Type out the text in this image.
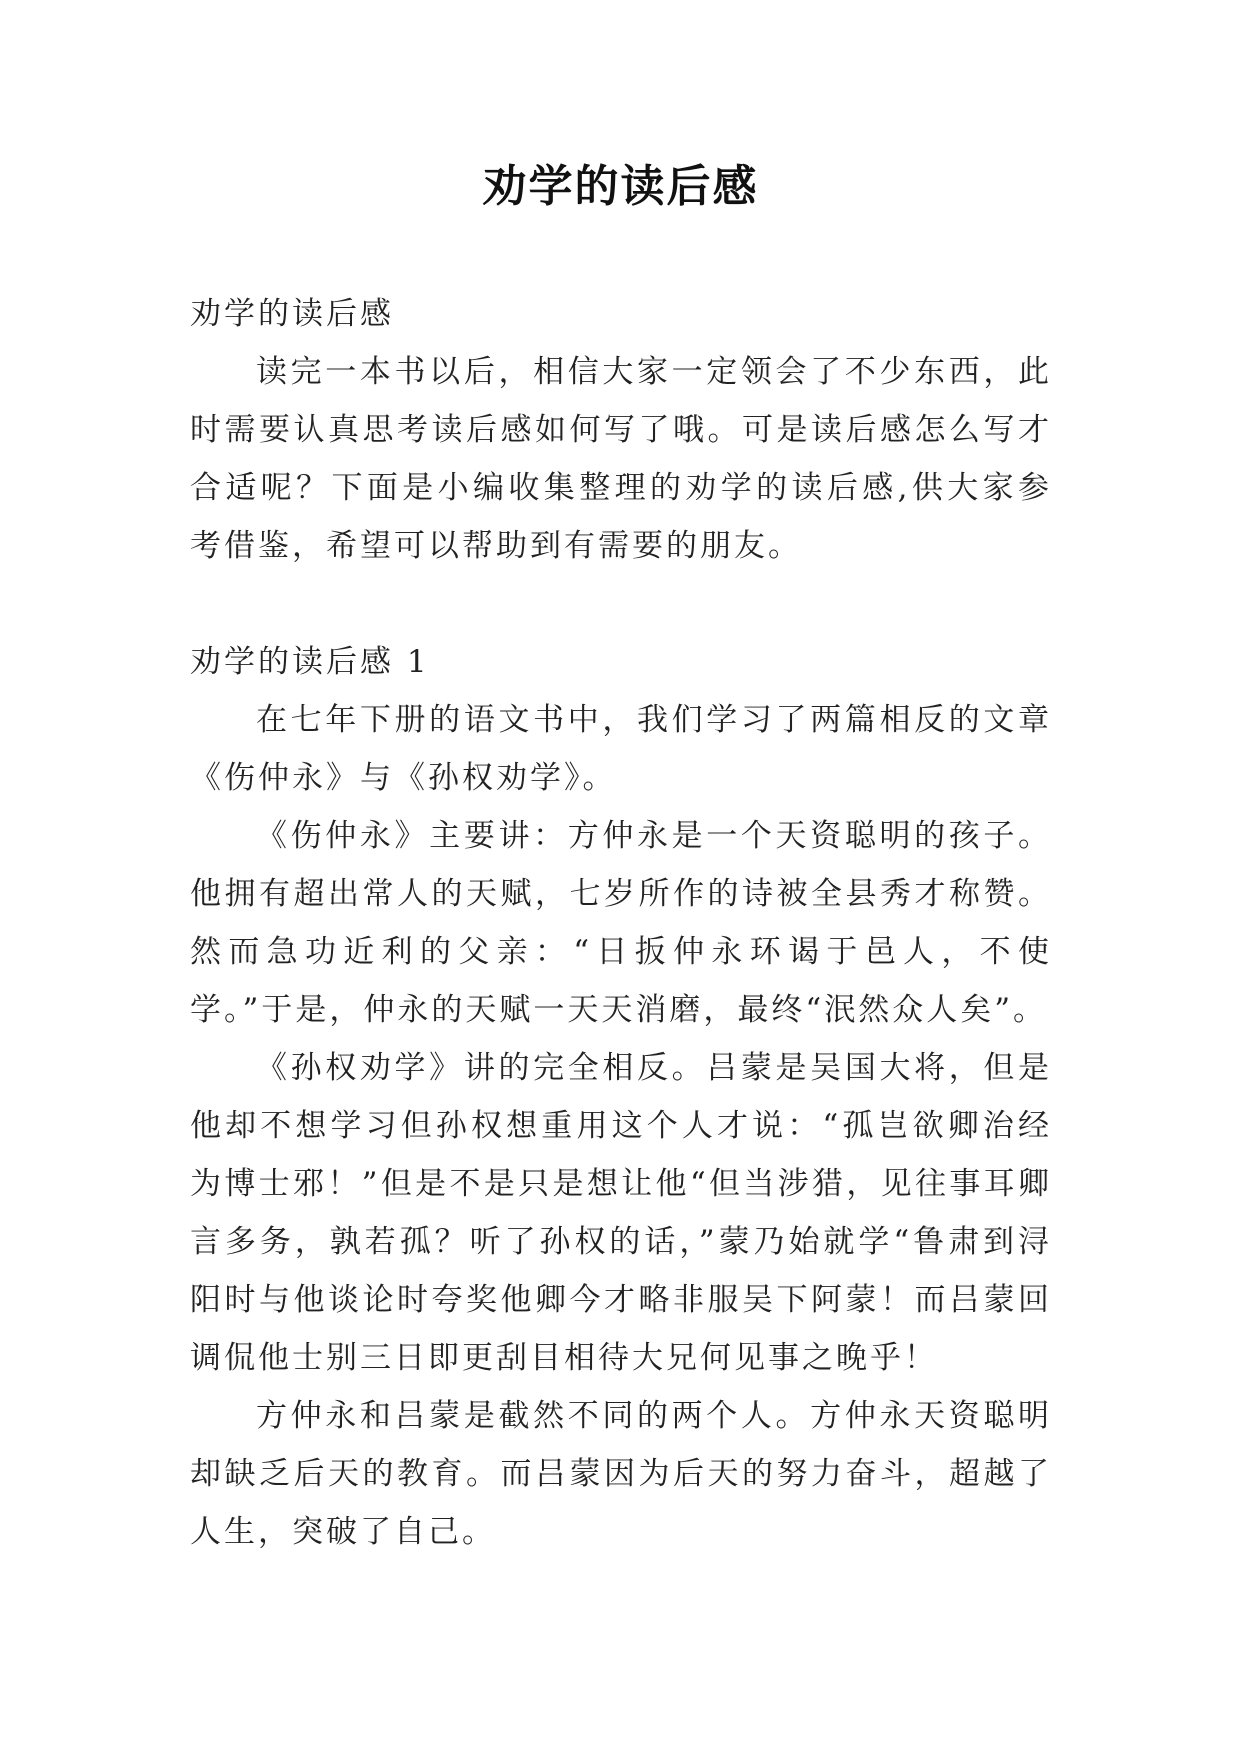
劝学的读后感

劝学的读后感

读完一本书以后，相信大家一定领会了不少东西，此时需要认真思考读后感如何写了哦。可是读后感怎么写才合适呢？下面是小编收集整理的劝学的读后感,供大家参考借鉴，希望可以帮助到有需要的朋友。

劝学的读后感 1

在七年下册的语文书中，我们学习了两篇相反的文章《伤仲永》与《孙权劝学》。

《伤仲永》主要讲：方仲永是一个天资聪明的孩子。他拥有超出常人的天赋，七岁所作的诗被全县秀才称赞。然而急功近利的父亲：“日扳仲永环谒于邑人，不使学。”于是，仲永的天赋一天天消磨，最终“泯然众人矣”。

《孙权劝学》讲的完全相反。吕蒙是吴国大将，但是他却不想学习但孙权想重用这个人才说：“孤岂欲卿治经为博士邪！”但是不是只是想让他“但当涉猎，见往事耳卿言多务，孰若孤？听了孙权的话，”蒙乃始就学“鲁肃到浔阳时与他谈论时夸奖他卿今才略非服吴下阿蒙！而吕蒙回调侃他士别三日即更刮目相待大兄何见事之晚乎！

方仲永和吕蒙是截然不同的两个人。方仲永天资聪明却缺乏后天的教育。而吕蒙因为后天的努力奋斗，超越了人生，突破了自己。
